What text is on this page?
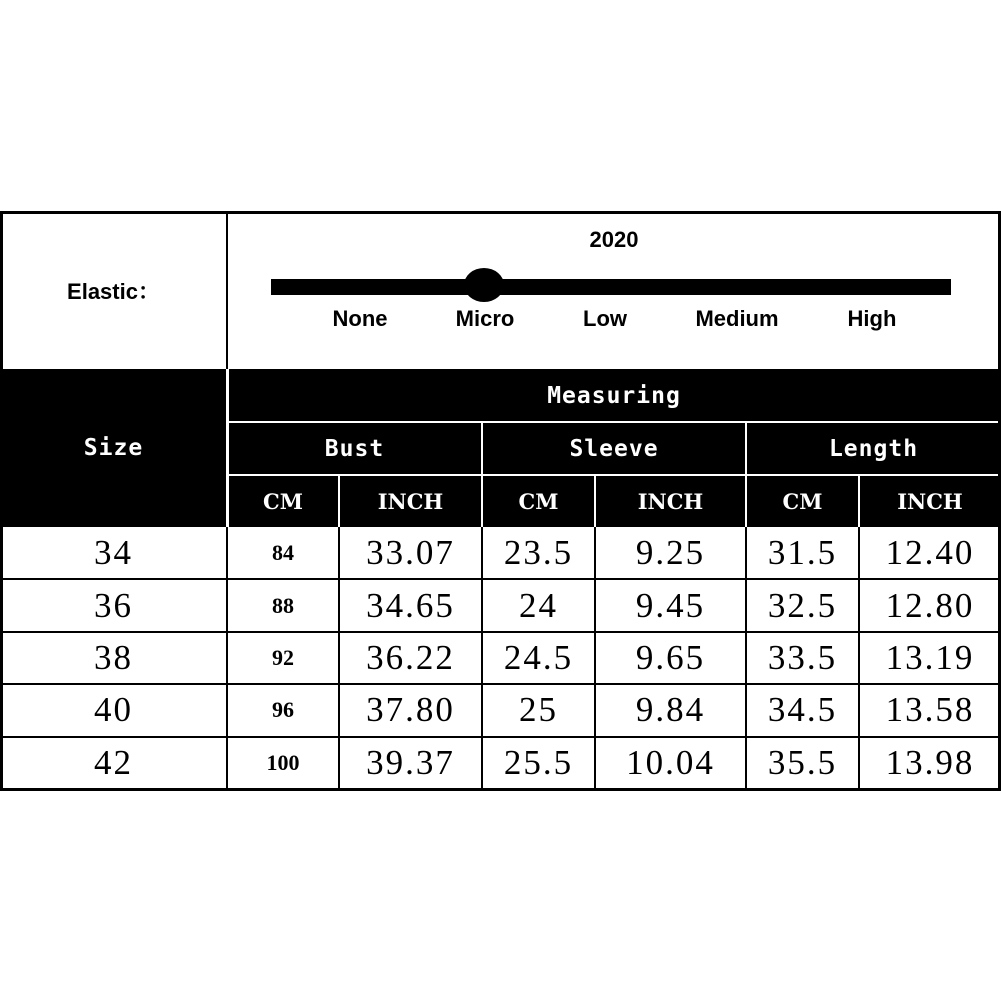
Elastic：
2020
None	Micro	Low	Medium	High
Size
Measuring
Bust	Sleeve	Length
CM	INCH	CM	INCH	CM	INCH
34	84	33.07	23.5	9.25	31.5	12.40
36	88	34.65	24	9.45	32.5	12.80
38	92	36.22	24.5	9.65	33.5	13.19
40	96	37.80	25	9.84	34.5	13.58
42	100	39.37	25.5	10.04	35.5	13.98
